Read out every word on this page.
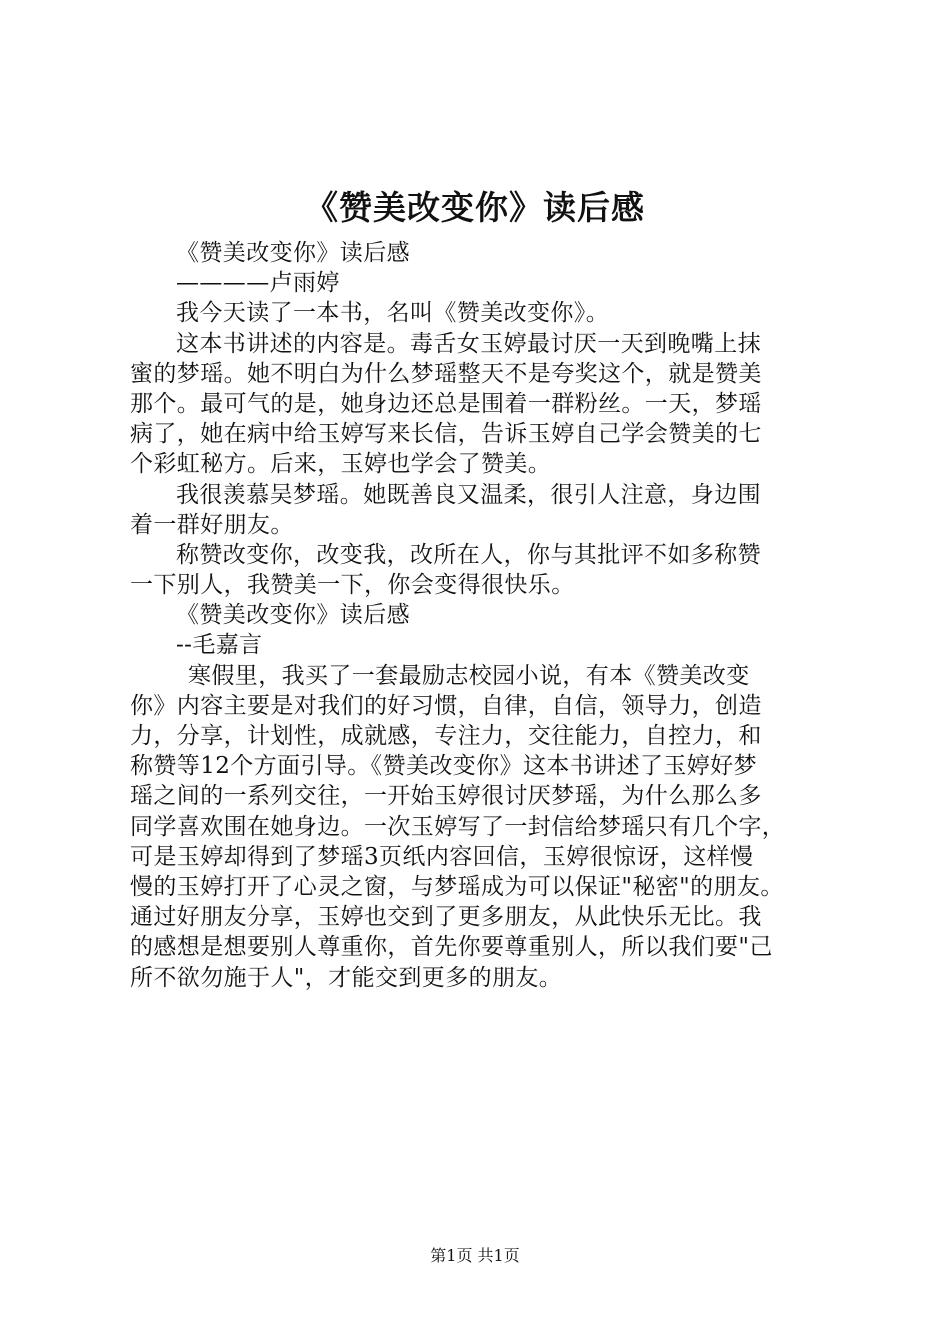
《赞美改变你》读后感
《赞美改变你》读后感
————卢雨婷
我今天读了一本书，名叫《赞美改变你》。
这本书讲述的内容是。毒舌女玉婷最讨厌一天到晚嘴上抹
蜜的梦瑶。她不明白为什么梦瑶整天不是夸奖这个，就是赞美
那个。最可气的是，她身边还总是围着一群粉丝。一天，梦瑶
病了，她在病中给玉婷写来长信，告诉玉婷自己学会赞美的七
个彩虹秘方。后来，玉婷也学会了赞美。
我很羡慕吴梦瑶。她既善良又温柔，很引人注意，身边围
着一群好朋友。
称赞改变你，改变我，改所在人，你与其批评不如多称赞
一下别人，我赞美一下，你会变得很快乐。
《赞美改变你》读后感
--毛嘉言
寒假里，我买了一套最励志校园小说，有本《赞美改变
你》内容主要是对我们的好习惯，自律，自信，领导力，创造
力，分享，计划性，成就感，专注力，交往能力，自控力，和
称赞等12个方面引导。《赞美改变你》这本书讲述了玉婷好梦
瑶之间的一系列交往，一开始玉婷很讨厌梦瑶，为什么那么多
同学喜欢围在她身边。一次玉婷写了一封信给梦瑶只有几个字，
可是玉婷却得到了梦瑶3页纸内容回信，玉婷很惊讶，这样慢
慢的玉婷打开了心灵之窗，与梦瑶成为可以保证"秘密"的朋友。
通过好朋友分享，玉婷也交到了更多朋友，从此快乐无比。我
的感想是想要别人尊重你，首先你要尊重别人，所以我们要"己
所不欲勿施于人"，才能交到更多的朋友。
第1页 共1页
